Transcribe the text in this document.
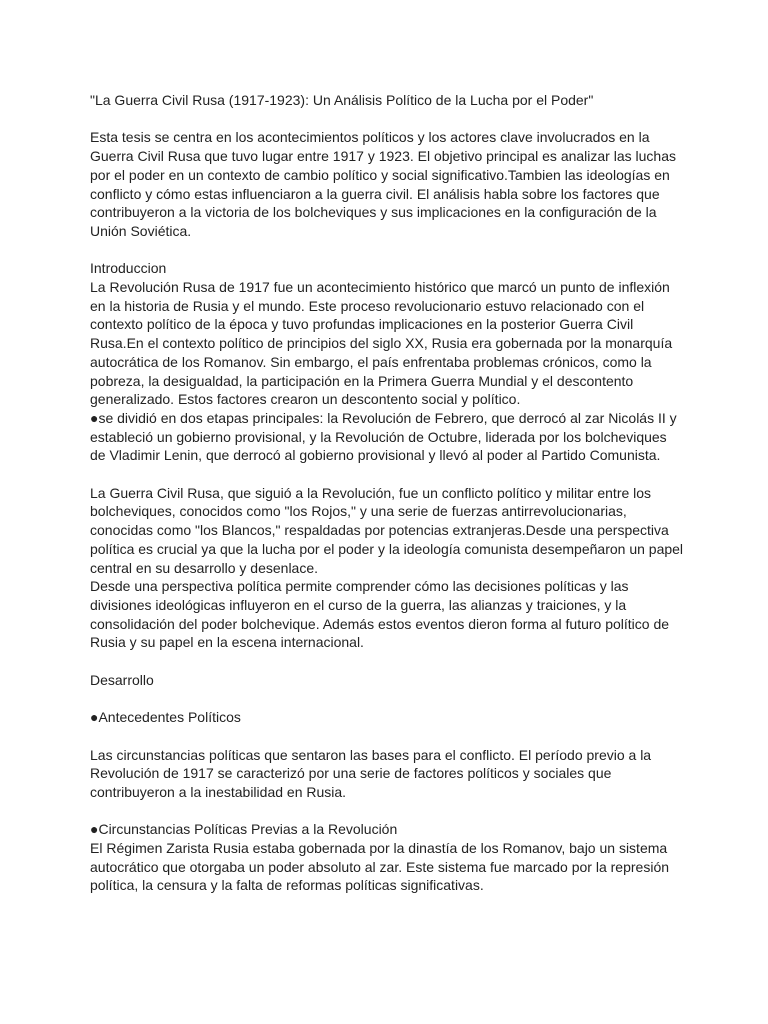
"La Guerra Civil Rusa (1917-1923): Un Análisis Político de la Lucha por el Poder"

Esta tesis se centra en los acontecimientos políticos y los actores clave involucrados en la
Guerra Civil Rusa que tuvo lugar entre 1917 y 1923. El objetivo principal es analizar las luchas
por el poder en un contexto de cambio político y social significativo.Tambien las ideologías en
conflicto y cómo estas influenciaron a la guerra civil. El análisis habla sobre los factores que
contribuyeron a la victoria de los bolcheviques y sus implicaciones en la configuración de la
Unión Soviética.

Introduccion

La Revolución Rusa de 1917 fue un acontecimiento histórico que marcó un punto de inflexión
en la historia de Rusia y el mundo. Este proceso revolucionario estuvo relacionado con el
contexto político de la época y tuvo profundas implicaciones en la posterior Guerra Civil
Rusa.En el contexto político de principios del siglo XX, Rusia era gobernada por la monarquía
autocrática de los Romanov. Sin embargo, el país enfrentaba problemas crónicos, como la
pobreza, la desigualdad, la participación en la Primera Guerra Mundial y el descontento
generalizado. Estos factores crearon un descontento social y político.
●se dividió en dos etapas principales: la Revolución de Febrero, que derrocó al zar Nicolás II y
estableció un gobierno provisional, y la Revolución de Octubre, liderada por los bolcheviques
de Vladimir Lenin, que derrocó al gobierno provisional y llevó al poder al Partido Comunista.

La Guerra Civil Rusa, que siguió a la Revolución, fue un conflicto político y militar entre los
bolcheviques, conocidos como "los Rojos," y una serie de fuerzas antirrevolucionarias,
conocidas como "los Blancos," respaldadas por potencias extranjeras.Desde una perspectiva
política es crucial ya que la lucha por el poder y la ideología comunista desempeñaron un papel
central en su desarrollo y desenlace.
Desde una perspectiva política permite comprender cómo las decisiones políticas y las
divisiones ideológicas influyeron en el curso de la guerra, las alianzas y traiciones, y la
consolidación del poder bolchevique. Además estos eventos dieron forma al futuro político de
Rusia y su papel en la escena internacional.

Desarrollo

●Antecedentes Políticos

Las circunstancias políticas que sentaron las bases para el conflicto. El período previo a la
Revolución de 1917 se caracterizó por una serie de factores políticos y sociales que
contribuyeron a la inestabilidad en Rusia.

●Circunstancias Políticas Previas a la Revolución
El Régimen Zarista Rusia estaba gobernada por la dinastía de los Romanov, bajo un sistema
autocrático que otorgaba un poder absoluto al zar. Este sistema fue marcado por la represión
política, la censura y la falta de reformas políticas significativas.
